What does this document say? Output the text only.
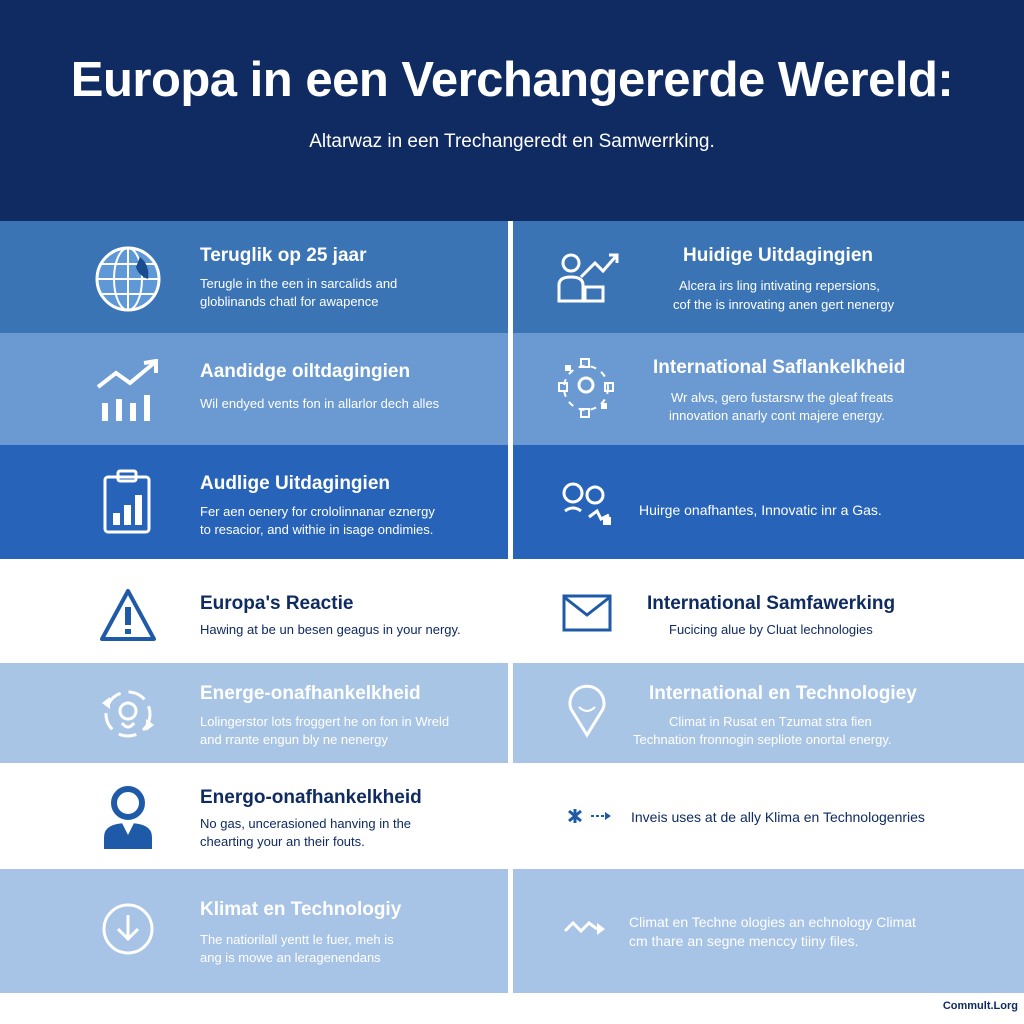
Europa in een Verchangererde Wereld:
Altarwaz in een Trechangeredt en Samwerrking.
Teruglik op 25 jaar
Terugle in the een in sarcalids and
globlinands chatl for awapence
Huidige Uitdagingien
Alcera irs ling intivating repersions,
cof the is inrovating anen gert nenergy
Aandidge oiltdagingien
Wil endyed vents fon in allarlor dech alles
International Saflankelkheid
Wr alvs, gero fustarsrw the gleaf freats
innovation anarly cont majere energy.
Audlige Uitdagingien
Fer aen oenery for crololinnanar eznergy
to resacior, and withie in isage ondimies.
Huirge onafhantes, Innovatic inr a Gas.
Europa's Reactie
Hawing at be un besen geagus in your nergy.
International Samfawerking
Fucicing alue by Cluat lechnologies
Energe-onafhankelkheid
Lolingerstor lots froggert he on fon in Wreld
and rrante engun bly ne nenergy
International en Technologiey
Climat in Rusat en Tzumat stra fien
Technation fronnogin sepliote onortal energy.
Energo-onafhankelkheid
No gas, uncerasioned hanving in the
chearting your an their fouts.
Inveis uses at de ally Klima en Technologenries
Klimat en Technologiy
The natiorilall yentt le fuer, meh is
ang is mowe an leragenendans
Climat en Techne ologies an echnology Climat
cm thare an segne menccy tiiny files.
Commult.Lorg
